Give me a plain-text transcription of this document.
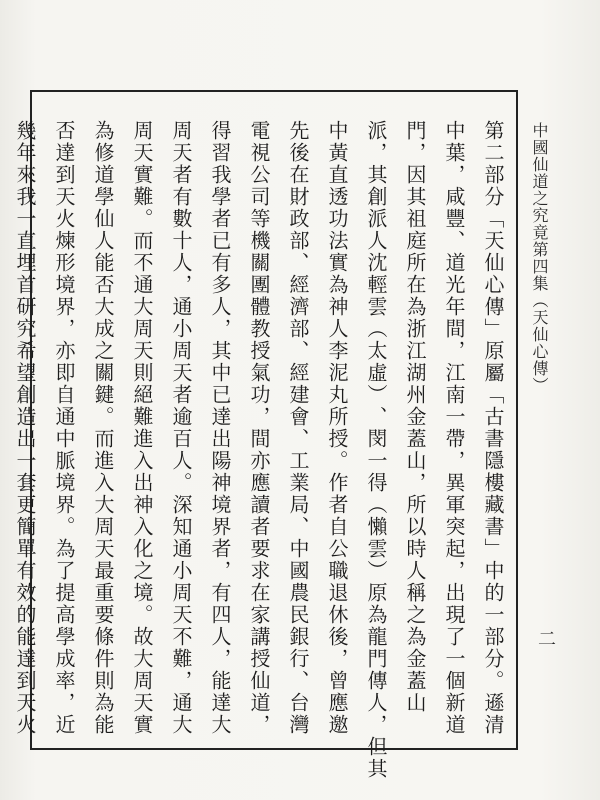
第二部分「天仙心傳」原屬「古書隱樓藏書」中的一部分。遜清
中葉，咸豐、道光年間，江南一帶，異軍突起，出現了一個新道
門，因其祖庭所在為浙江湖州金蓋山，所以時人稱之為金蓋山
派，其創派人沈輕雲︵太虛︶、閔一得︵懶雲︶原為龍門傳人，但其
中黃直透功法實為神人李泥丸所授。作者自公職退休後，曾應邀
先後在財政部、經濟部、經建會、工業局、中國農民銀行、台灣
電視公司等機關團體教授氣功，間亦應讀者要求在家講授仙道，
得習我學者已有多人，其中已達出陽神境界者，有四人，能達大
周天者有數十人，通小周天者逾百人。深知通小周天不難，通大
周天實難。而不通大周天則絕難進入出神入化之境。故大周天實
為修道學仙人能否大成之關鍵。而進入大周天最重要條件則為能
否達到天火煉形境界，亦即自通中脈境界。為了提高學成率，近
幾年來我一直埋首研究希望創造出一套更簡單有效的能達到天火	中國仙道之究竟第四集︵天仙心傳︶
二
